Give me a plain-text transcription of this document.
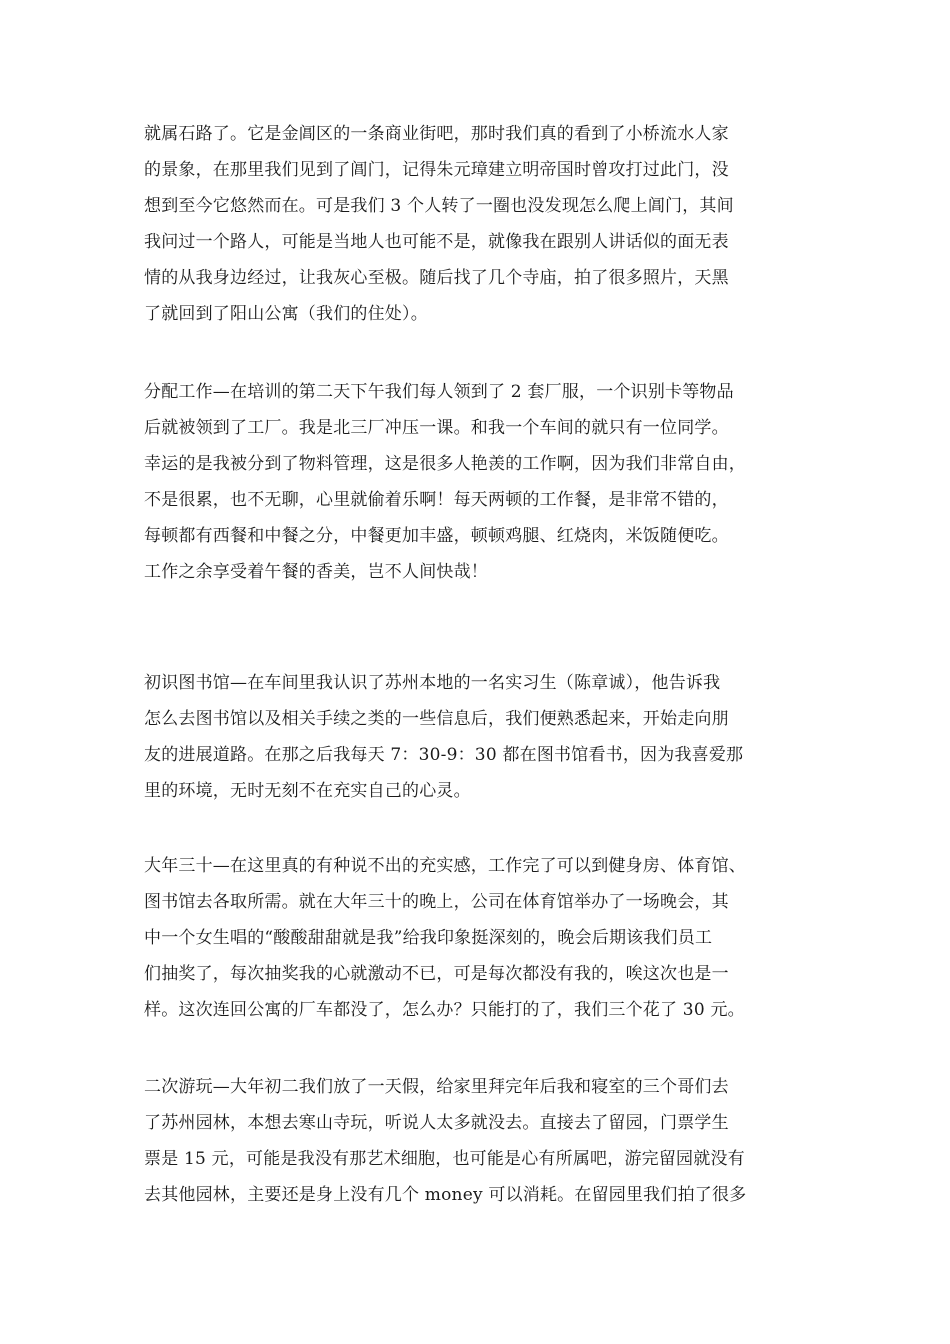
就属石路了。它是金阊区的一条商业街吧，那时我们真的看到了小桥流水人家
的景象，在那里我们见到了阊门，记得朱元璋建立明帝国时曾攻打过此门，没
想到至今它悠然而在。可是我们 3 个人转了一圈也没发现怎么爬上阊门，其间
我问过一个路人，可能是当地人也可能不是，就像我在跟别人讲话似的面无表
情的从我身边经过，让我灰心至极。随后找了几个寺庙，拍了很多照片，天黑
了就回到了阳山公寓（我们的住处）。
分配工作—在培训的第二天下午我们每人领到了 2 套厂服，一个识别卡等物品
后就被领到了工厂。我是北三厂冲压一课。和我一个车间的就只有一位同学。
幸运的是我被分到了物料管理，这是很多人艳羡的工作啊，因为我们非常自由，
不是很累，也不无聊，心里就偷着乐啊！每天两顿的工作餐，是非常不错的，
每顿都有西餐和中餐之分，中餐更加丰盛，顿顿鸡腿、红烧肉，米饭随便吃。
工作之余享受着午餐的香美，岂不人间快哉！
初识图书馆—在车间里我认识了苏州本地的一名实习生（陈章诚），他告诉我
怎么去图书馆以及相关手续之类的一些信息后，我们便熟悉起来，开始走向朋
友的进展道路。在那之后我每天 7：30-9：30 都在图书馆看书，因为我喜爱那
里的环境，无时无刻不在充实自己的心灵。
大年三十—在这里真的有种说不出的充实感，工作完了可以到健身房、体育馆、
图书馆去各取所需。就在大年三十的晚上，公司在体育馆举办了一场晚会，其
中一个女生唱的“酸酸甜甜就是我”给我印象挺深刻的，晚会后期该我们员工
们抽奖了，每次抽奖我的心就激动不已，可是每次都没有我的，唉这次也是一
样。这次连回公寓的厂车都没了，怎么办？只能打的了，我们三个花了 30 元。
二次游玩—大年初二我们放了一天假，给家里拜完年后我和寝室的三个哥们去
了苏州园林，本想去寒山寺玩，听说人太多就没去。直接去了留园，门票学生
票是 15 元，可能是我没有那艺术细胞，也可能是心有所属吧，游完留园就没有
去其他园林，主要还是身上没有几个 money 可以消耗。在留园里我们拍了很多
